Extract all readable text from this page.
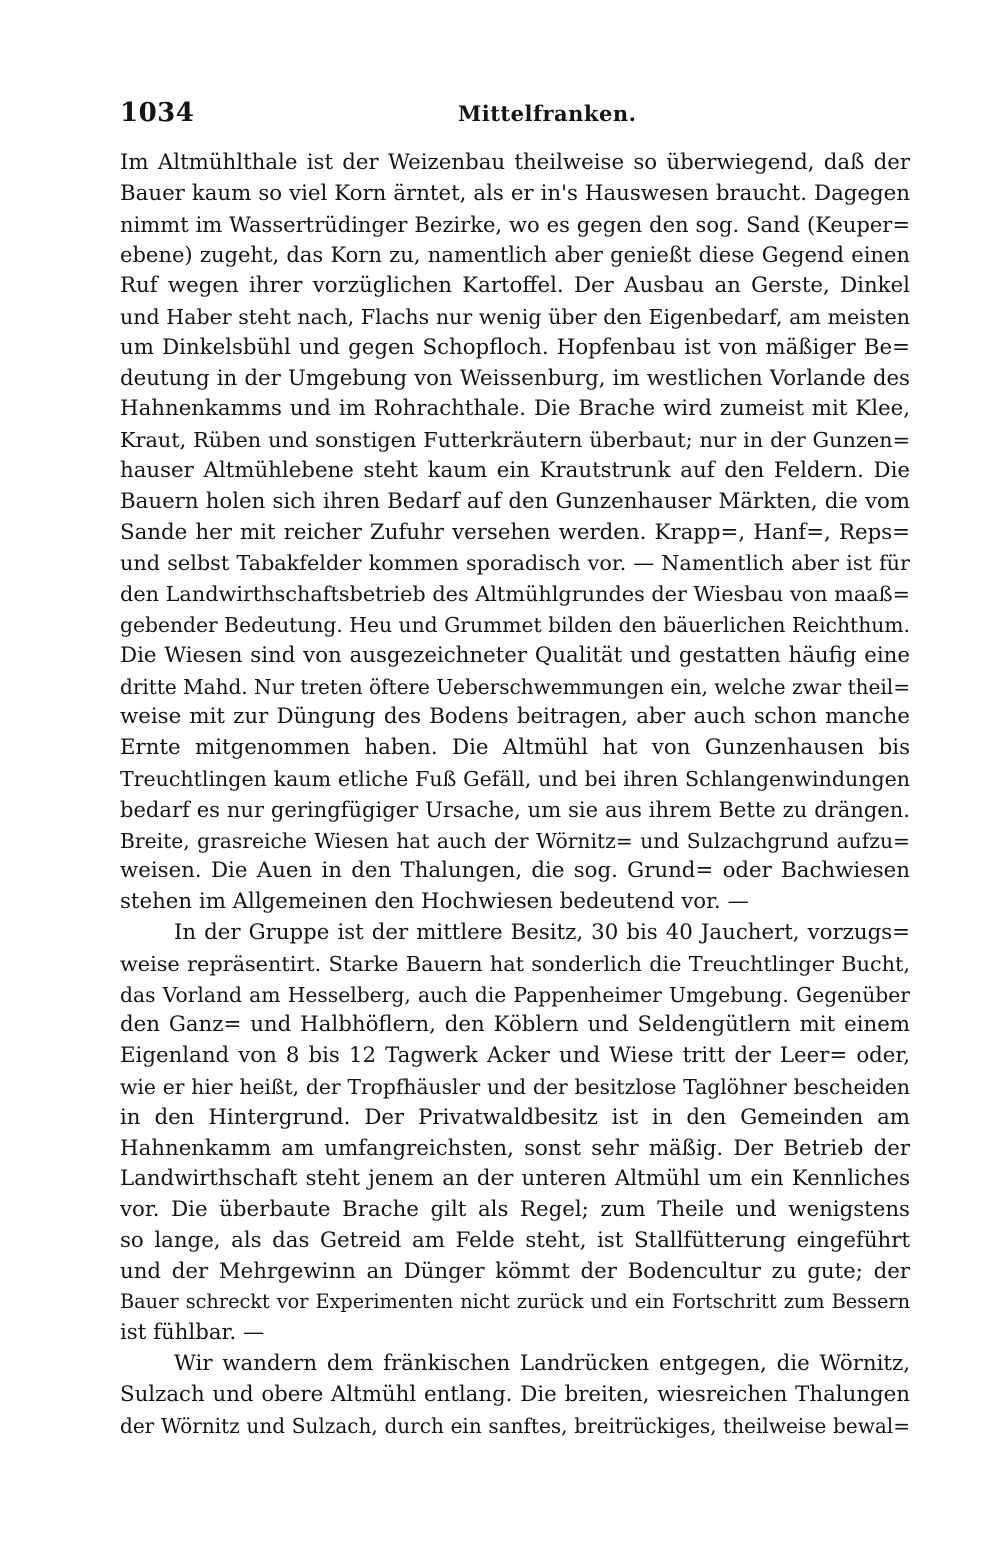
1034	Mittelfranken.
Im Altmühlthale ist der Weizenbau theilweise so überwiegend, daß der
Bauer kaum so viel Korn ärntet, als er in's Hauswesen braucht. Dagegen
nimmt im Wassertrüdinger Bezirke, wo es gegen den sog. Sand (Keuper=
ebene) zugeht, das Korn zu, namentlich aber genießt diese Gegend einen
Ruf wegen ihrer vorzüglichen Kartoffel. Der Ausbau an Gerste, Dinkel
und Haber steht nach, Flachs nur wenig über den Eigenbedarf, am meisten
um Dinkelsbühl und gegen Schopfloch. Hopfenbau ist von mäßiger Be=
deutung in der Umgebung von Weissenburg, im westlichen Vorlande des
Hahnenkamms und im Rohrachthale. Die Brache wird zumeist mit Klee,
Kraut, Rüben und sonstigen Futterkräutern überbaut; nur in der Gunzen=
hauser Altmühlebene steht kaum ein Krautstrunk auf den Feldern. Die
Bauern holen sich ihren Bedarf auf den Gunzenhauser Märkten, die vom
Sande her mit reicher Zufuhr versehen werden. Krapp=, Hanf=, Reps=
und selbst Tabakfelder kommen sporadisch vor. — Namentlich aber ist für
den Landwirthschaftsbetrieb des Altmühlgrundes der Wiesbau von maaß=
gebender Bedeutung. Heu und Grummet bilden den bäuerlichen Reichthum.
Die Wiesen sind von ausgezeichneter Qualität und gestatten häufig eine
dritte Mahd. Nur treten öftere Ueberschwemmungen ein, welche zwar theil=
weise mit zur Düngung des Bodens beitragen, aber auch schon manche
Ernte mitgenommen haben. Die Altmühl hat von Gunzenhausen bis
Treuchtlingen kaum etliche Fuß Gefäll, und bei ihren Schlangenwindungen
bedarf es nur geringfügiger Ursache, um sie aus ihrem Bette zu drängen.
Breite, grasreiche Wiesen hat auch der Wörnitz= und Sulzachgrund aufzu=
weisen. Die Auen in den Thalungen, die sog. Grund= oder Bachwiesen
stehen im Allgemeinen den Hochwiesen bedeutend vor. —
In der Gruppe ist der mittlere Besitz, 30 bis 40 Jauchert, vorzugs=
weise repräsentirt. Starke Bauern hat sonderlich die Treuchtlinger Bucht,
das Vorland am Hesselberg, auch die Pappenheimer Umgebung. Gegenüber
den Ganz= und Halbhöflern, den Köblern und Seldengütlern mit einem
Eigenland von 8 bis 12 Tagwerk Acker und Wiese tritt der Leer= oder,
wie er hier heißt, der Tropfhäusler und der besitzlose Taglöhner bescheiden
in den Hintergrund. Der Privatwaldbesitz ist in den Gemeinden am
Hahnenkamm am umfangreichsten, sonst sehr mäßig. Der Betrieb der
Landwirthschaft steht jenem an der unteren Altmühl um ein Kennliches
vor. Die überbaute Brache gilt als Regel; zum Theile und wenigstens
so lange, als das Getreid am Felde steht, ist Stallfütterung eingeführt
und der Mehrgewinn an Dünger kömmt der Bodencultur zu gute; der
Bauer schreckt vor Experimenten nicht zurück und ein Fortschritt zum Bessern
ist fühlbar. —
Wir wandern dem fränkischen Landrücken entgegen, die Wörnitz,
Sulzach und obere Altmühl entlang. Die breiten, wiesreichen Thalungen
der Wörnitz und Sulzach, durch ein sanftes, breitrückiges, theilweise bewal=
